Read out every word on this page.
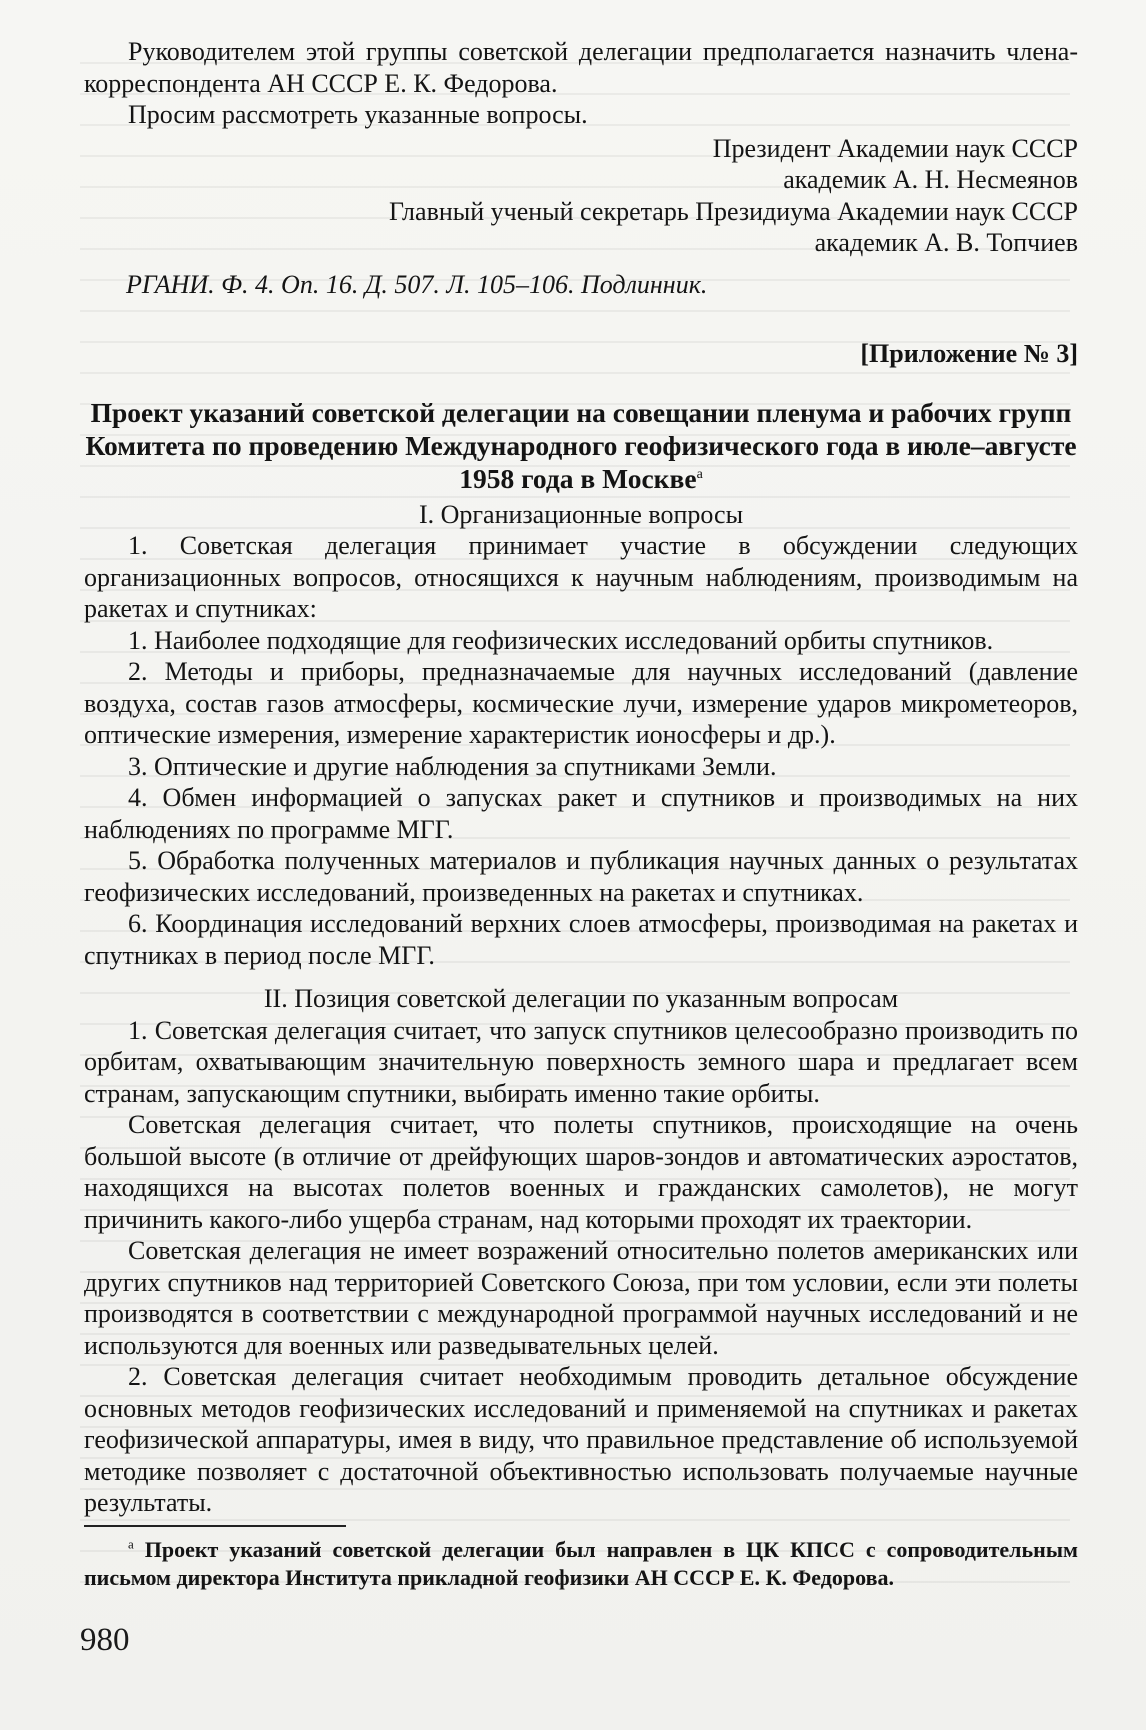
Руководителем этой группы советской делегации предполагается назначить члена-корреспондента АН СССР Е. К. Федорова.

Просим рассмотреть указанные вопросы.

Президент Академии наук СССР

академик А. Н. Несмеянов

Главный ученый секретарь Президиума Академии наук СССР

академик А. В. Топчиев

РГАНИ. Ф. 4. Оп. 16. Д. 507. Л. 105–106. Подлинник.

[Приложение № 3]

Проект указаний советской делегации на совещании пленума и рабочих групп Комитета по проведению Международного геофизического года в июле–августе 1958 года в Москве$^а$

I. Организационные вопросы

1. Советская делегация принимает участие в обсуждении следующих организационных вопросов, относящихся к научным наблюдениям, производимым на ракетах и спутниках:

1. Наиболее подходящие для геофизических исследований орбиты спутников.

2. Методы и приборы, предназначаемые для научных исследований (давление воздуха, состав газов атмосферы, космические лучи, измерение ударов микрометеоров, оптические измерения, измерение характеристик ионосферы и др.).

3. Оптические и другие наблюдения за спутниками Земли.

4. Обмен информацией о запусках ракет и спутников и производимых на них наблюдениях по программе МГГ.

5. Обработка полученных материалов и публикация научных данных о результатах геофизических исследований, произведенных на ракетах и спутниках.

6. Координация исследований верхних слоев атмосферы, производимая на ракетах и спутниках в период после МГГ.

II. Позиция советской делегации по указанным вопросам

1. Советская делегация считает, что запуск спутников целесообразно производить по орбитам, охватывающим значительную поверхность земного шара и предлагает всем странам, запускающим спутники, выбирать именно такие орбиты.

Советская делегация считает, что полеты спутников, происходящие на очень большой высоте (в отличие от дрейфующих шаров-зондов и автоматических аэростатов, находящихся на высотах полетов военных и гражданских самолетов), не могут причинить какого-либо ущерба странам, над которыми проходят их траектории.

Советская делегация не имеет возражений относительно полетов американских или других спутников над территорией Советского Союза, при том условии, если эти полеты производятся в соответствии с международной программой научных исследований и не используются для военных или разведывательных целей.

2. Советская делегация считает необходимым проводить детальное обсуждение основных методов геофизических исследований и применяемой на спутниках и ракетах геофизической аппаратуры, имея в виду, что правильное представление об используемой методике позволяет с достаточной объективностью использовать получаемые научные результаты.

$^а$ Проект указаний советской делегации был направлен в ЦК КПСС с сопроводительным письмом директора Института прикладной геофизики АН СССР Е. К. Федорова.

980
